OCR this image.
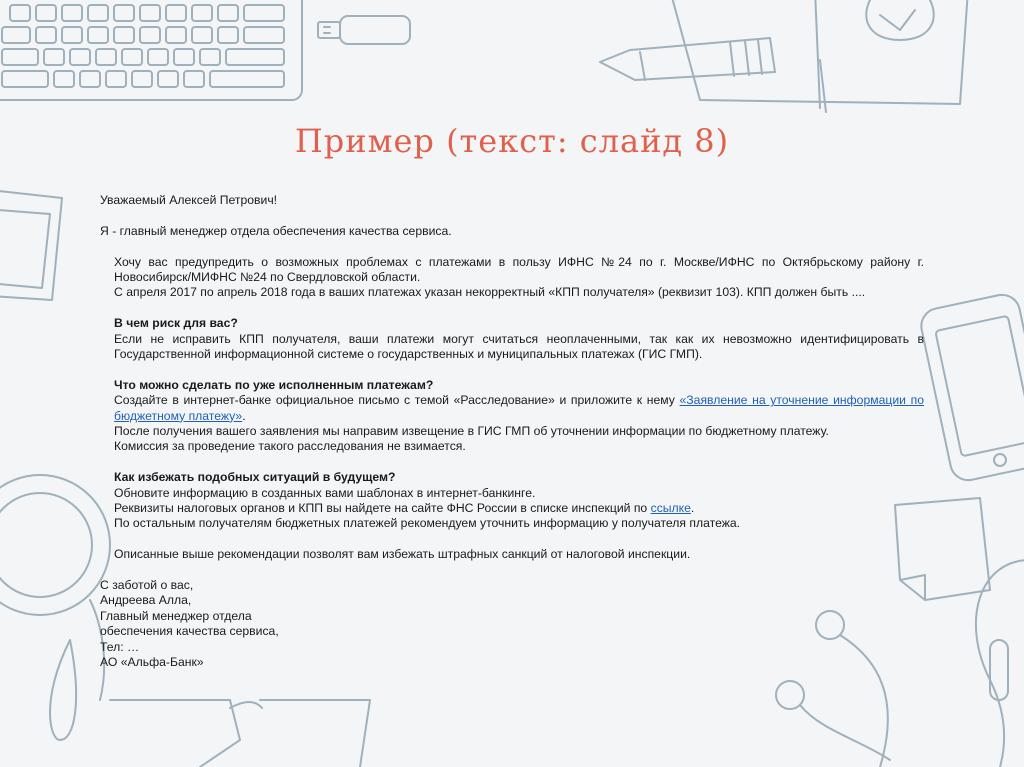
Пример (текст: слайд 8)

Уважаемый Алексей Петрович!

Я - главный менеджер отдела обеспечения качества сервиса.

Хочу вас предупредить о возможных проблемах с платежами в пользу ИФНС №24 по г. Москве/ИФНС по Октябрьскому району г.

Новосибирск/МИФНС №24 по Свердловской области.

С апреля 2017 по апрель 2018 года в ваших платежах указан некорректный «КПП получателя» (реквизит 103). КПП должен быть ....

В чем риск для вас?

Если не исправить КПП получателя, ваши платежи могут считаться неоплаченными, так как их невозможно идентифицировать в Государственной информационной системе о государственных и муниципальных платежах (ГИС ГМП).

Что можно сделать по уже исполненным платежам?

Создайте в интернет-банке официальное письмо с темой «Расследование» и приложите к нему «Заявление на уточнение информации по бюджетному платежу».

После получения вашего заявления мы направим извещение в ГИС ГМП об уточнении информации по бюджетному платежу.

Комиссия за проведение такого расследования не взимается.

Как избежать подобных ситуаций в будущем?

Обновите информацию в созданных вами шаблонах в интернет-банкинге.

Реквизиты налоговых органов и КПП вы найдете на сайте ФНС России в списке инспекций по ссылке.

По остальным получателям бюджетных платежей рекомендуем уточнить информацию у получателя платежа.

Описанные выше рекомендации позволят вам избежать штрафных санкций от налоговой инспекции.

С заботой о вас,

Андреева Алла,

Главный менеджер отдела

обеспечения качества сервиса,

Тел: …

АО «Альфа-Банк»
